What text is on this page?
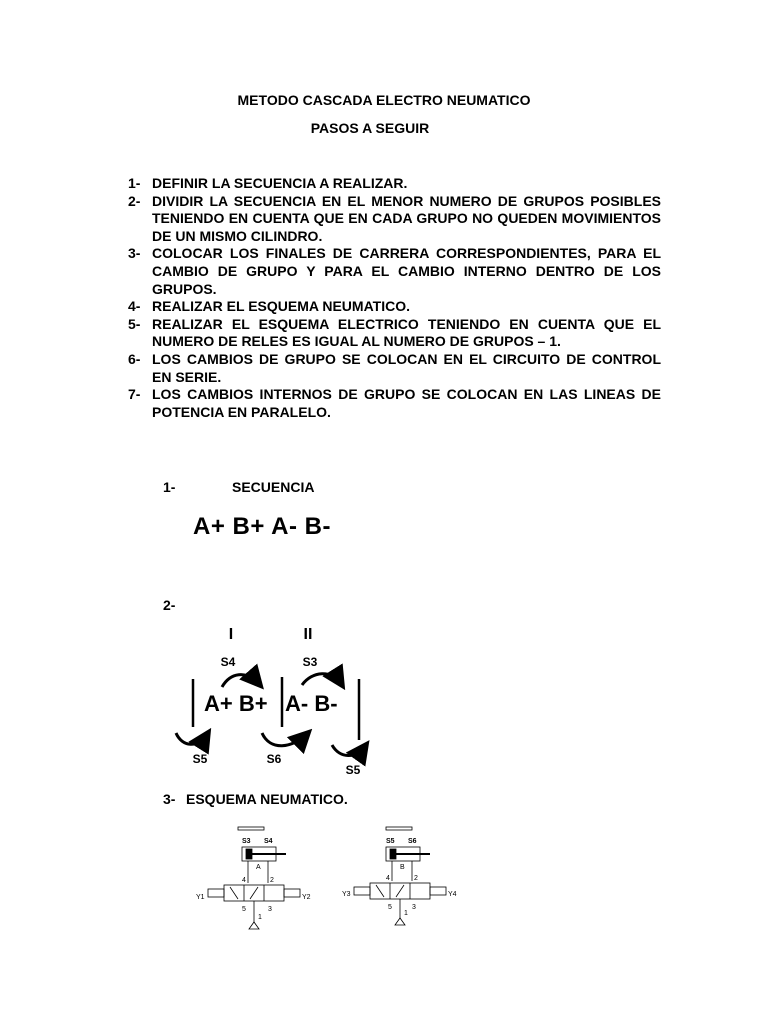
METODO CASCADA ELECTRO NEUMATICO
PASOS A SEGUIR
1- DEFINIR LA SECUENCIA A REALIZAR.
2- DIVIDIR LA SECUENCIA EN EL MENOR NUMERO DE GRUPOS POSIBLES TENIENDO EN CUENTA QUE EN CADA GRUPO NO QUEDEN MOVIMIENTOS DE UN MISMO CILINDRO.
3- COLOCAR LOS FINALES DE CARRERA CORRESPONDIENTES, PARA EL CAMBIO DE GRUPO Y PARA EL CAMBIO INTERNO DENTRO DE LOS GRUPOS.
4- REALIZAR EL ESQUEMA NEUMATICO.
5- REALIZAR EL ESQUEMA ELECTRICO TENIENDO EN CUENTA QUE EL NUMERO DE RELES ES IGUAL AL NUMERO DE GRUPOS – 1.
6- LOS CAMBIOS DE GRUPO SE COLOCAN EN EL CIRCUITO DE CONTROL EN SERIE.
7- LOS CAMBIOS INTERNOS DE GRUPO SE COLOCAN EN LAS LINEAS DE POTENCIA EN PARALELO.
1-	SECUENCIA
A+ B+ A- B-
2-
I	II
S4	S3
A+ B+ A- B-
S5	S6
S5
3- ESQUEMA NEUMATICO.
S3 S4
A
4	2
Y1	Y2
5	3
1
S5 S6
B
4	2
Y3	Y4
5	3
1
